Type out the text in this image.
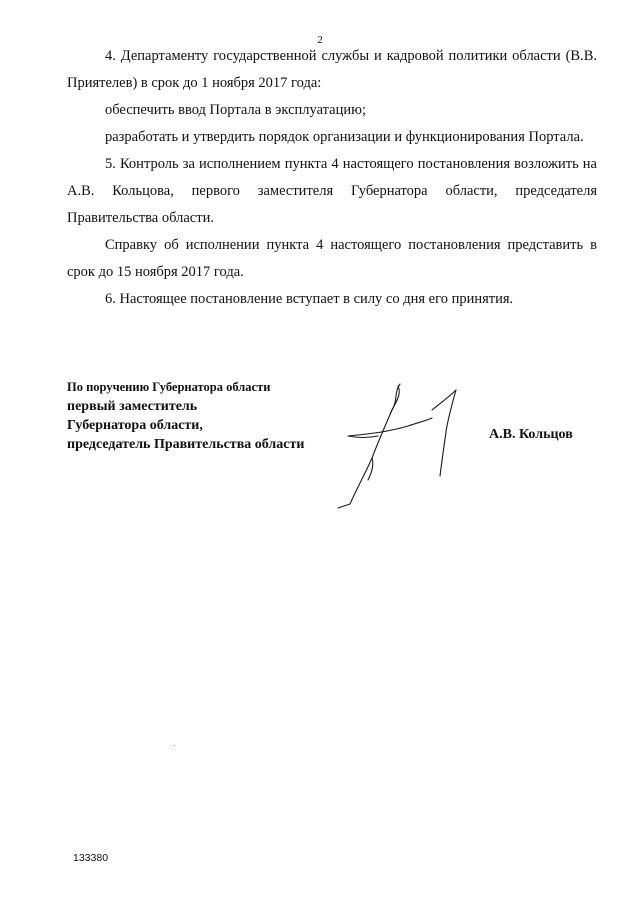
2

4. Департаменту государственной службы и кадровой политики области (В.В. Приятелев) в срок до 1 ноября 2017 года:

обеспечить ввод Портала в эксплуатацию;

разработать и утвердить порядок организации и функционирования Портала.

5. Контроль за исполнением пункта 4 настоящего постановления возложить на А.В. Кольцова, первого заместителя Губернатора области, председателя Правительства области.

Справку об исполнении пункта 4 настоящего постановления представить в срок до 15 ноября 2017 года.

6. Настоящее постановление вступает в силу со дня его принятия.

По поручению Губернатора области
первый заместитель
Губернатора области,
председатель Правительства области
А.В. Кольцов
133380
